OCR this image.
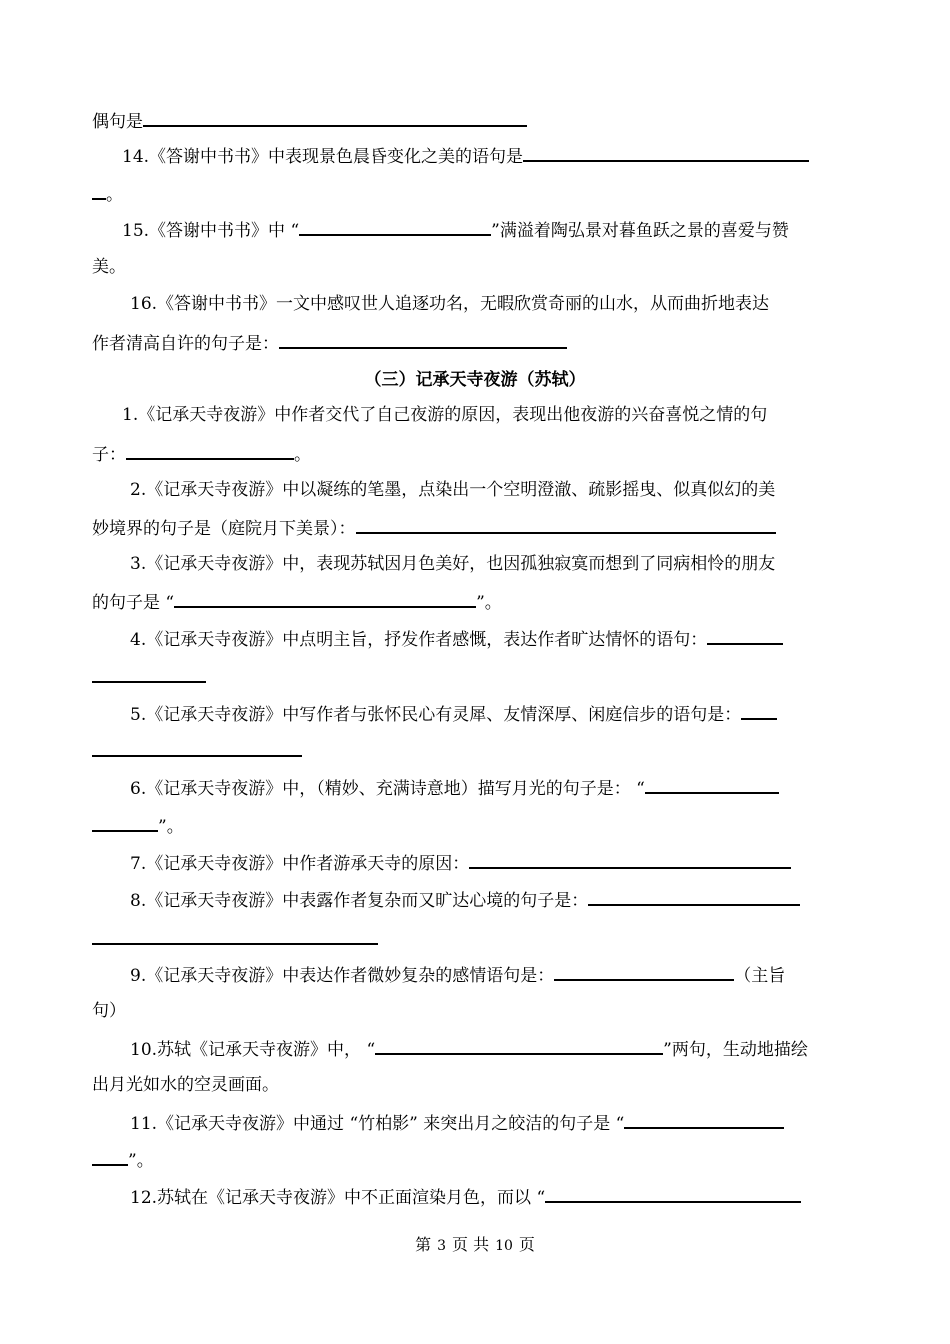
偶句是
14.《答谢中书书》中表现景色晨昏变化之美的语句是
。
15.《答谢中书书》中 “	”满溢着陶弘景对暮鱼跃之景的喜爱与赞
美。
16.《答谢中书书》一文中感叹世人追逐功名，无暇欣赏奇丽的山水，从而曲折地表达
作者清高自许的句子是：
（三）记承天寺夜游（苏轼）
1.《记承天寺夜游》中作者交代了自己夜游的原因，表现出他夜游的兴奋喜悦之情的句
子：	。
2.《记承天寺夜游》中以凝练的笔墨，点染出一个空明澄澈、疏影摇曳、似真似幻的美
妙境界的句子是（庭院月下美景）：
3.《记承天寺夜游》中，表现苏轼因月色美好，也因孤独寂寞而想到了同病相怜的朋友
的句子是 “	”。
4.《记承天寺夜游》中点明主旨，抒发作者感慨，表达作者旷达情怀的语句：
5.《记承天寺夜游》中写作者与张怀民心有灵犀、友情深厚、闲庭信步的语句是：
6.《记承天寺夜游》中，（精妙、充满诗意地）描写月光的句子是： “
”。
7.《记承天寺夜游》中作者游承天寺的原因：
8.《记承天寺夜游》中表露作者复杂而又旷达心境的句子是：
9.《记承天寺夜游》中表达作者微妙复杂的感情语句是：	（主旨
句）
10.苏轼《记承天寺夜游》中， “	”两句，生动地描绘
出月光如水的空灵画面。
11.《记承天寺夜游》中通过 “竹柏影” 来突出月之皎洁的句子是 “
”。
12.苏轼在《记承天寺夜游》中不正面渲染月色，而以 “
第 3 页 共 10 页
